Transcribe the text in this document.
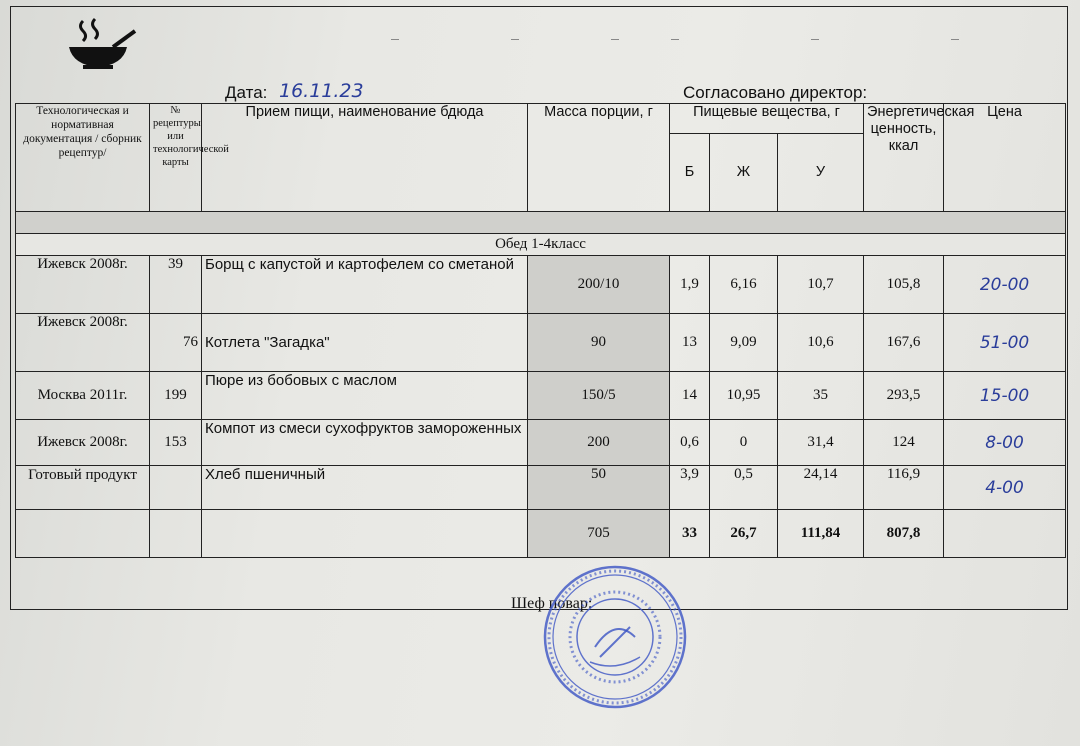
Дата: 16.11.23	Согласовано директор:
Технологическая и нормативная документация / сборник рецептур/	№ рецептуры или технологической карты	Прием пищи, наименование бдюда	Масса порции, г	Пищевые вещества, г			Энергетическая ценность, ккал	Цена
				Б	Ж	У		

Обед 1-4класс								
Ижевск 2008г.	39	Борщ с капустой и картофелем со сметаной	200/10	1,9	6,16	10,7	105,8	20-00
Ижевск 2008г.	76	Котлета "Загадка"	90	13	9,09	10,6	167,6	51-00
Москва 2011г.	199	Пюре из бобовых с маслом	150/5	14	10,95	35	293,5	15-00
Ижевск 2008г.	153	Компот из смеси сухофруктов замороженных	200	0,6	0	31,4	124	8-00
Готовый продукт		Хлеб пшеничный	50	3,9	0,5	24,14	116,9	4-00
			705	33	26,7	111,84	807,8	
Шеф повар:
